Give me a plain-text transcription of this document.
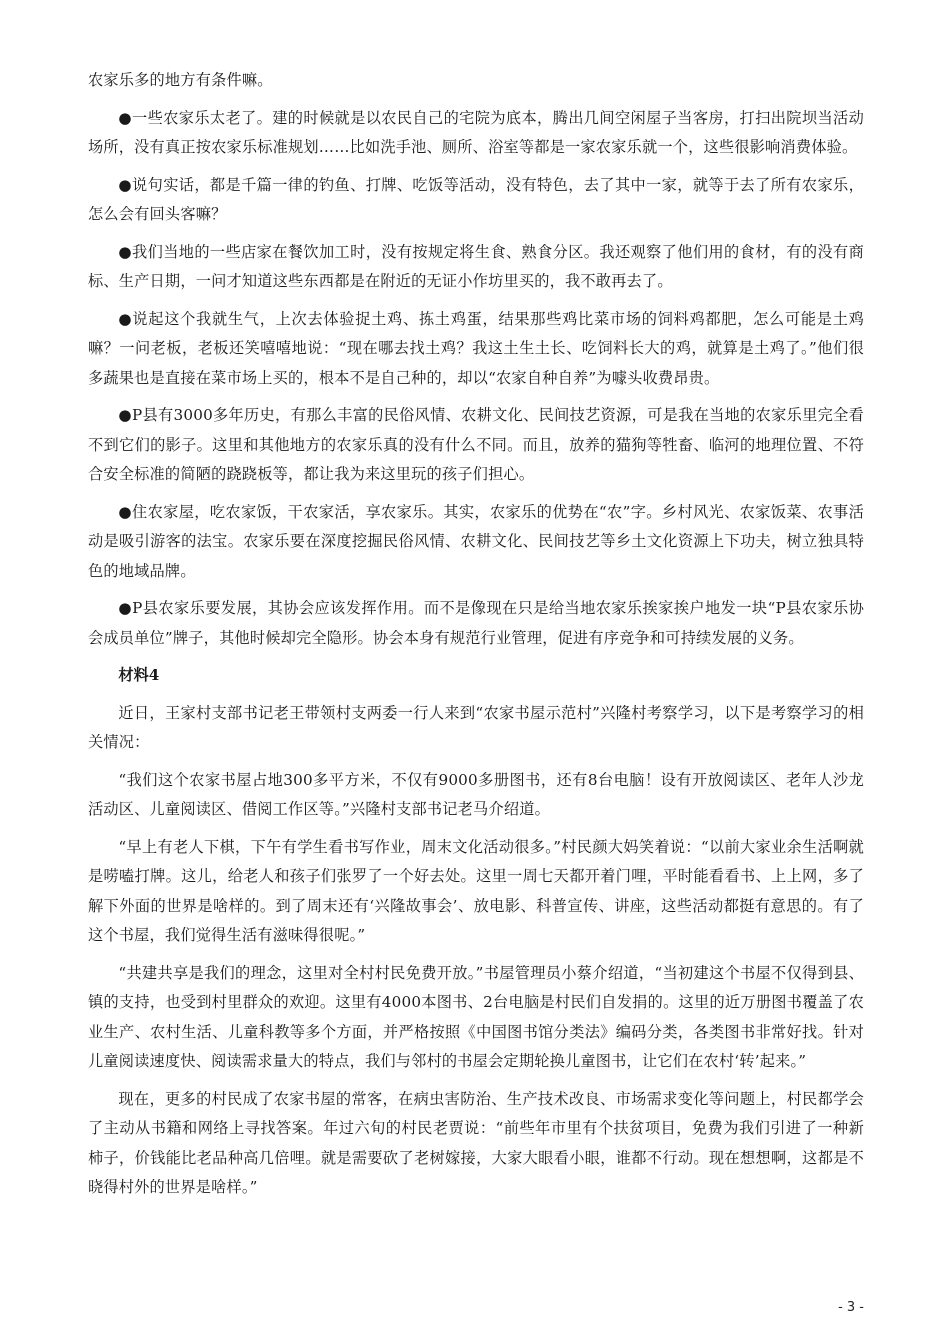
农家乐多的地方有条件嘛。

●一些农家乐太老了。建的时候就是以农民自己的宅院为底本，腾出几间空闲屋子当客房，打扫出院坝当活动场所，没有真正按农家乐标准规划……比如洗手池、厕所、浴室等都是一家农家乐就一个，这些很影响消费体验。

●说句实话，都是千篇一律的钓鱼、打牌、吃饭等活动，没有特色，去了其中一家，就等于去了所有农家乐，怎么会有回头客嘛？

●我们当地的一些店家在餐饮加工时，没有按规定将生食、熟食分区。我还观察了他们用的食材，有的没有商标、生产日期，一问才知道这些东西都是在附近的无证小作坊里买的，我不敢再去了。

●说起这个我就生气，上次去体验捉土鸡、拣土鸡蛋，结果那些鸡比菜市场的饲料鸡都肥，怎么可能是土鸡嘛？一问老板，老板还笑嘻嘻地说：“现在哪去找土鸡？我这土生土长、吃饲料长大的鸡，就算是土鸡了。”他们很多蔬果也是直接在菜市场上买的，根本不是自己种的，却以“农家自种自养”为噱头收费昂贵。

●P县有3000多年历史，有那么丰富的民俗风情、农耕文化、民间技艺资源，可是我在当地的农家乐里完全看不到它们的影子。这里和其他地方的农家乐真的没有什么不同。而且，放养的猫狗等牲畜、临河的地理位置、不符合安全标准的简陋的跷跷板等，都让我为来这里玩的孩子们担心。

●住农家屋，吃农家饭，干农家活，享农家乐。其实，农家乐的优势在“农”字。乡村风光、农家饭菜、农事活动是吸引游客的法宝。农家乐要在深度挖掘民俗风情、农耕文化、民间技艺等乡土文化资源上下功夫，树立独具特色的地域品牌。

●P县农家乐要发展，其协会应该发挥作用。而不是像现在只是给当地农家乐挨家挨户地发一块“P县农家乐协会成员单位”牌子，其他时候却完全隐形。协会本身有规范行业管理，促进有序竞争和可持续发展的义务。

材料4

近日，王家村支部书记老王带领村支两委一行人来到“农家书屋示范村”兴隆村考察学习，以下是考察学习的相关情况：

“我们这个农家书屋占地300多平方米，不仅有9000多册图书，还有8台电脑！设有开放阅读区、老年人沙龙活动区、儿童阅读区、借阅工作区等。”兴隆村支部书记老马介绍道。

“早上有老人下棋，下午有学生看书写作业，周末文化活动很多。”村民颜大妈笑着说：“以前大家业余生活啊就是唠嗑打牌。这儿，给老人和孩子们张罗了一个好去处。这里一周七天都开着门哩，平时能看看书、上上网，多了解下外面的世界是啥样的。到了周末还有‘兴隆故事会’、放电影、科普宣传、讲座，这些活动都挺有意思的。有了这个书屋，我们觉得生活有滋味得很呢。”

“共建共享是我们的理念，这里对全村村民免费开放。”书屋管理员小蔡介绍道，“当初建这个书屋不仅得到县、镇的支持，也受到村里群众的欢迎。这里有4000本图书、2台电脑是村民们自发捐的。这里的近万册图书覆盖了农业生产、农村生活、儿童科教等多个方面，并严格按照《中国图书馆分类法》编码分类，各类图书非常好找。针对儿童阅读速度快、阅读需求量大的特点，我们与邻村的书屋会定期轮换儿童图书，让它们在农村‘转’起来。”

现在，更多的村民成了农家书屋的常客，在病虫害防治、生产技术改良、市场需求变化等问题上，村民都学会了主动从书籍和网络上寻找答案。年过六旬的村民老贾说：“前些年市里有个扶贫项目，免费为我们引进了一种新柿子，价钱能比老品种高几倍哩。就是需要砍了老树嫁接，大家大眼看小眼，谁都不行动。现在想想啊，这都是不晓得村外的世界是啥样。”

- 3 -
